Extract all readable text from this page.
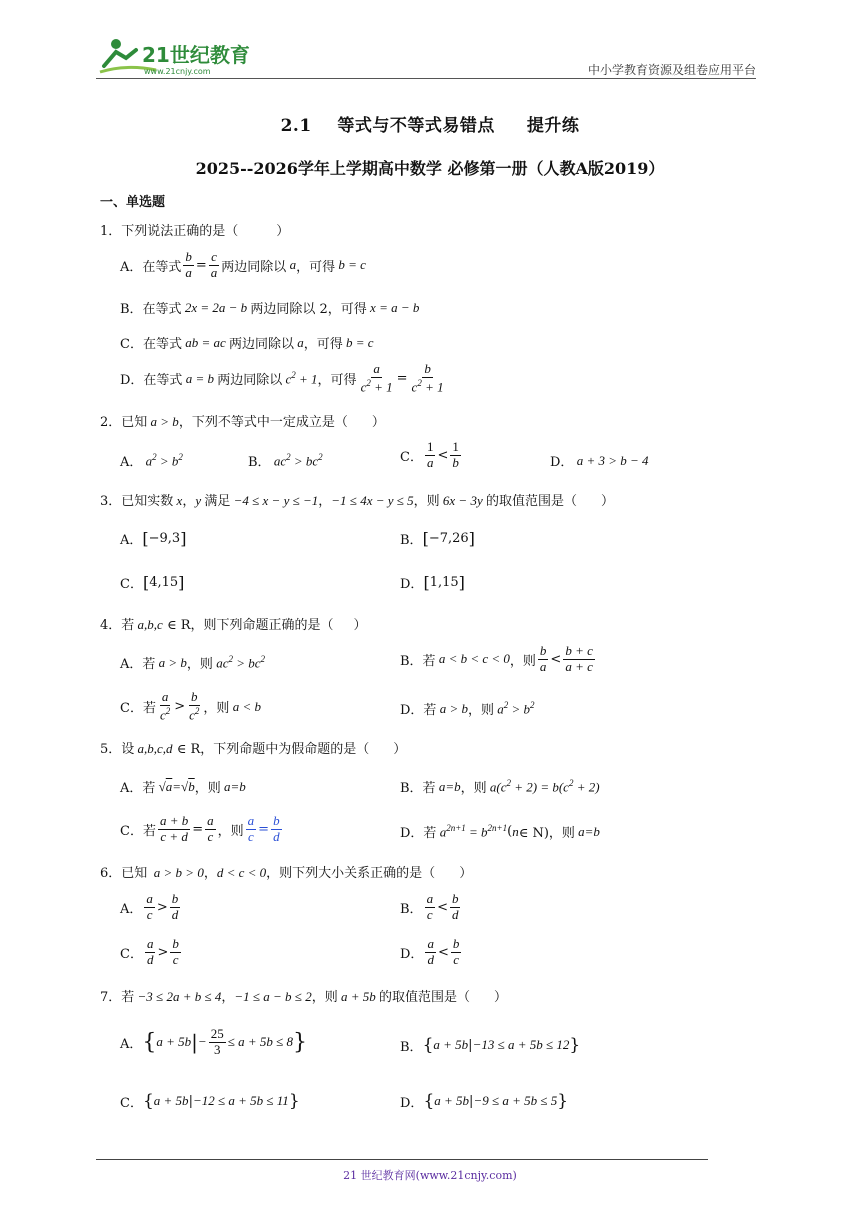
21世纪教育
www.21cnjy.com	中小学教育资源及组卷应用平台
2.1    等式与不等式易错点     提升练
2025--2026学年上学期高中数学 必修第一册（人教A版2019）
一、单选题
1．下列说法正确的是（	）
A．在等式 $\frac{b}{a} = \frac{c}{a}$ 两边同除以 a ，可得 b = c
B．在等式 2x = 2a − b 两边同除以 2，可得 x = a − b
C．在等式 ab = ac 两边同除以 a ，可得 b = c
D．在等式 a = b 两边同除以 $c^2 + 1$ ，可得 $\frac{a}{c^2 + 1} = \frac{b}{c^2 + 1}$
2．已知 a > b，下列不等式中一定成立是（ ）
A． $a^2 > b^2$	B． $ac^2 > bc^2$	C． $\frac{1}{a} < \frac{1}{b}$	D． a + 3 > b − 4
3．已知实数 x，y 满足 −4 ≤ x − y ≤ −1，−1 ≤ 4x − y ≤ 5，则 6x − 3y 的取值范围是（ ）
A． [ −9,3 ]	B． [ −7,26 ]
C． [ 4,15 ]	D． [ 1,15 ]
4．若 a,b,c ∈ R，则下列命题正确的是（ ）
A．若 a > b ，则 $ac^2 > bc^2$	B．若 a < b < c < 0 ，则 $\frac{b}{a} < \frac{b + c}{a + c}$
C．若 $\frac{a}{c^2} > \frac{b}{c^2}$ ，则 a < b	D．若 a > b ，则 $a^2 > b^2$
5．设 a,b,c,d ∈ R，下列命题中为假命题的是（ ）
A．若 √a=√b ，则 a=b	B．若 a=b ，则 $a(c^2 + 2) = b(c^2 + 2)$
C．若 $\frac{a + b}{c + d} = \frac{a}{c}$ ，则 $\frac{a}{c} = \frac{b}{d}$	D．若 $a^{2n+1} = b^{2n+1}$ ( n ∈ N)，则 a=b
6．已知  a > b > 0，d < c < 0，则下列大小关系正确的是（ ）
A． $\frac{a}{c} > \frac{b}{d}$	B． $\frac{a}{c} < \frac{b}{d}$
C． $\frac{a}{d} > \frac{b}{c}$	D． $\frac{a}{d} < \frac{b}{c}$
7．若 −3 ≤ 2a + b ≤ 4，−1 ≤ a − b ≤ 2，则 a + 5b 的取值范围是（ ）
A． { a + 5b | − $\frac{25}{3} \le a + 5b \le 8$ }	B． { a + 5b | −13 ≤ a + 5b ≤ 12 }
C． { a + 5b | −12 ≤ a + 5b ≤ 11 }	D． { a + 5b | −9 ≤ a + 5b ≤ 5 }
21 世纪教育网(www.21cnjy.com)
